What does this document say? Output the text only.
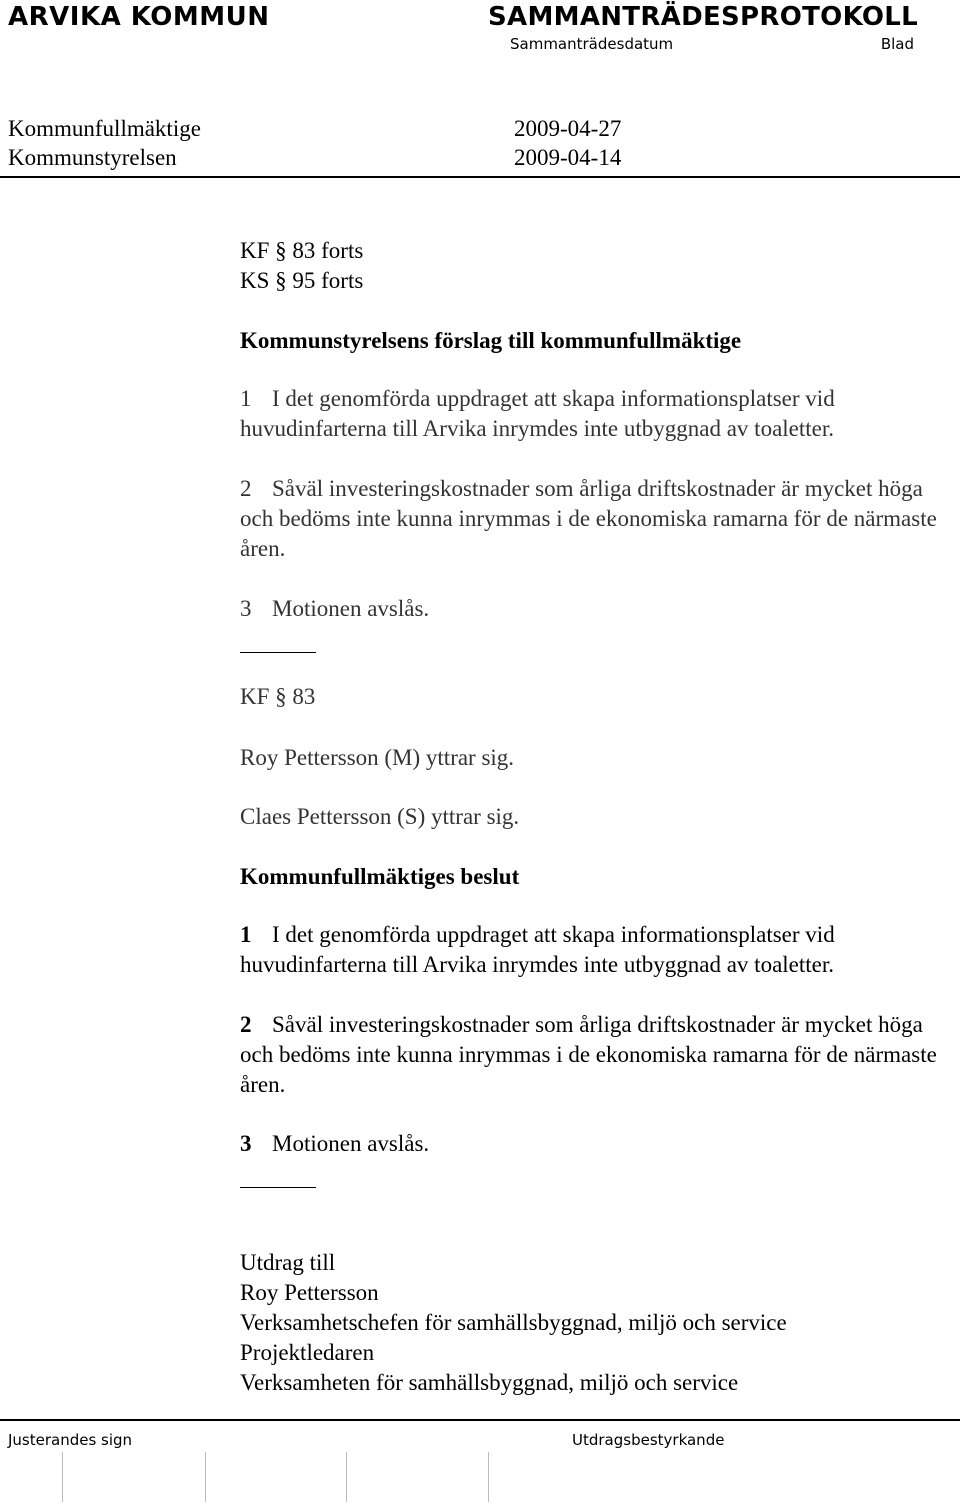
ARVIKA KOMMUN	SAMMANTRÄDESPROTOKOLL
Sammanträdesdatum	Blad
Kommunfullmäktige	2009-04-27
Kommunstyrelsen	2009-04-14
KF § 83 forts
KS § 95 forts
Kommunstyrelsens förslag till kommunfullmäktige
1 I det genomförda uppdraget att skapa informationsplatser vid huvudinfarterna till Arvika inrymdes inte utbyggnad av toaletter.
2 Såväl investeringskostnader som årliga driftskostnader är mycket höga och bedöms inte kunna inrymmas i de ekonomiska ramarna för de närmaste åren.
3 Motionen avslås.
KF § 83
Roy Pettersson (M) yttrar sig.
Claes Pettersson (S) yttrar sig.
Kommunfullmäktiges beslut
1 I det genomförda uppdraget att skapa informationsplatser vid huvudinfarterna till Arvika inrymdes inte utbyggnad av toaletter.
2 Såväl investeringskostnader som årliga driftskostnader är mycket höga och bedöms inte kunna inrymmas i de ekonomiska ramarna för de närmaste åren.
3 Motionen avslås.
Utdrag till
Roy Pettersson
Verksamhetschefen för samhällsbyggnad, miljö och service
Projektledaren
Verksamheten för samhällsbyggnad, miljö och service
Justerandes sign	Utdragsbestyrkande
